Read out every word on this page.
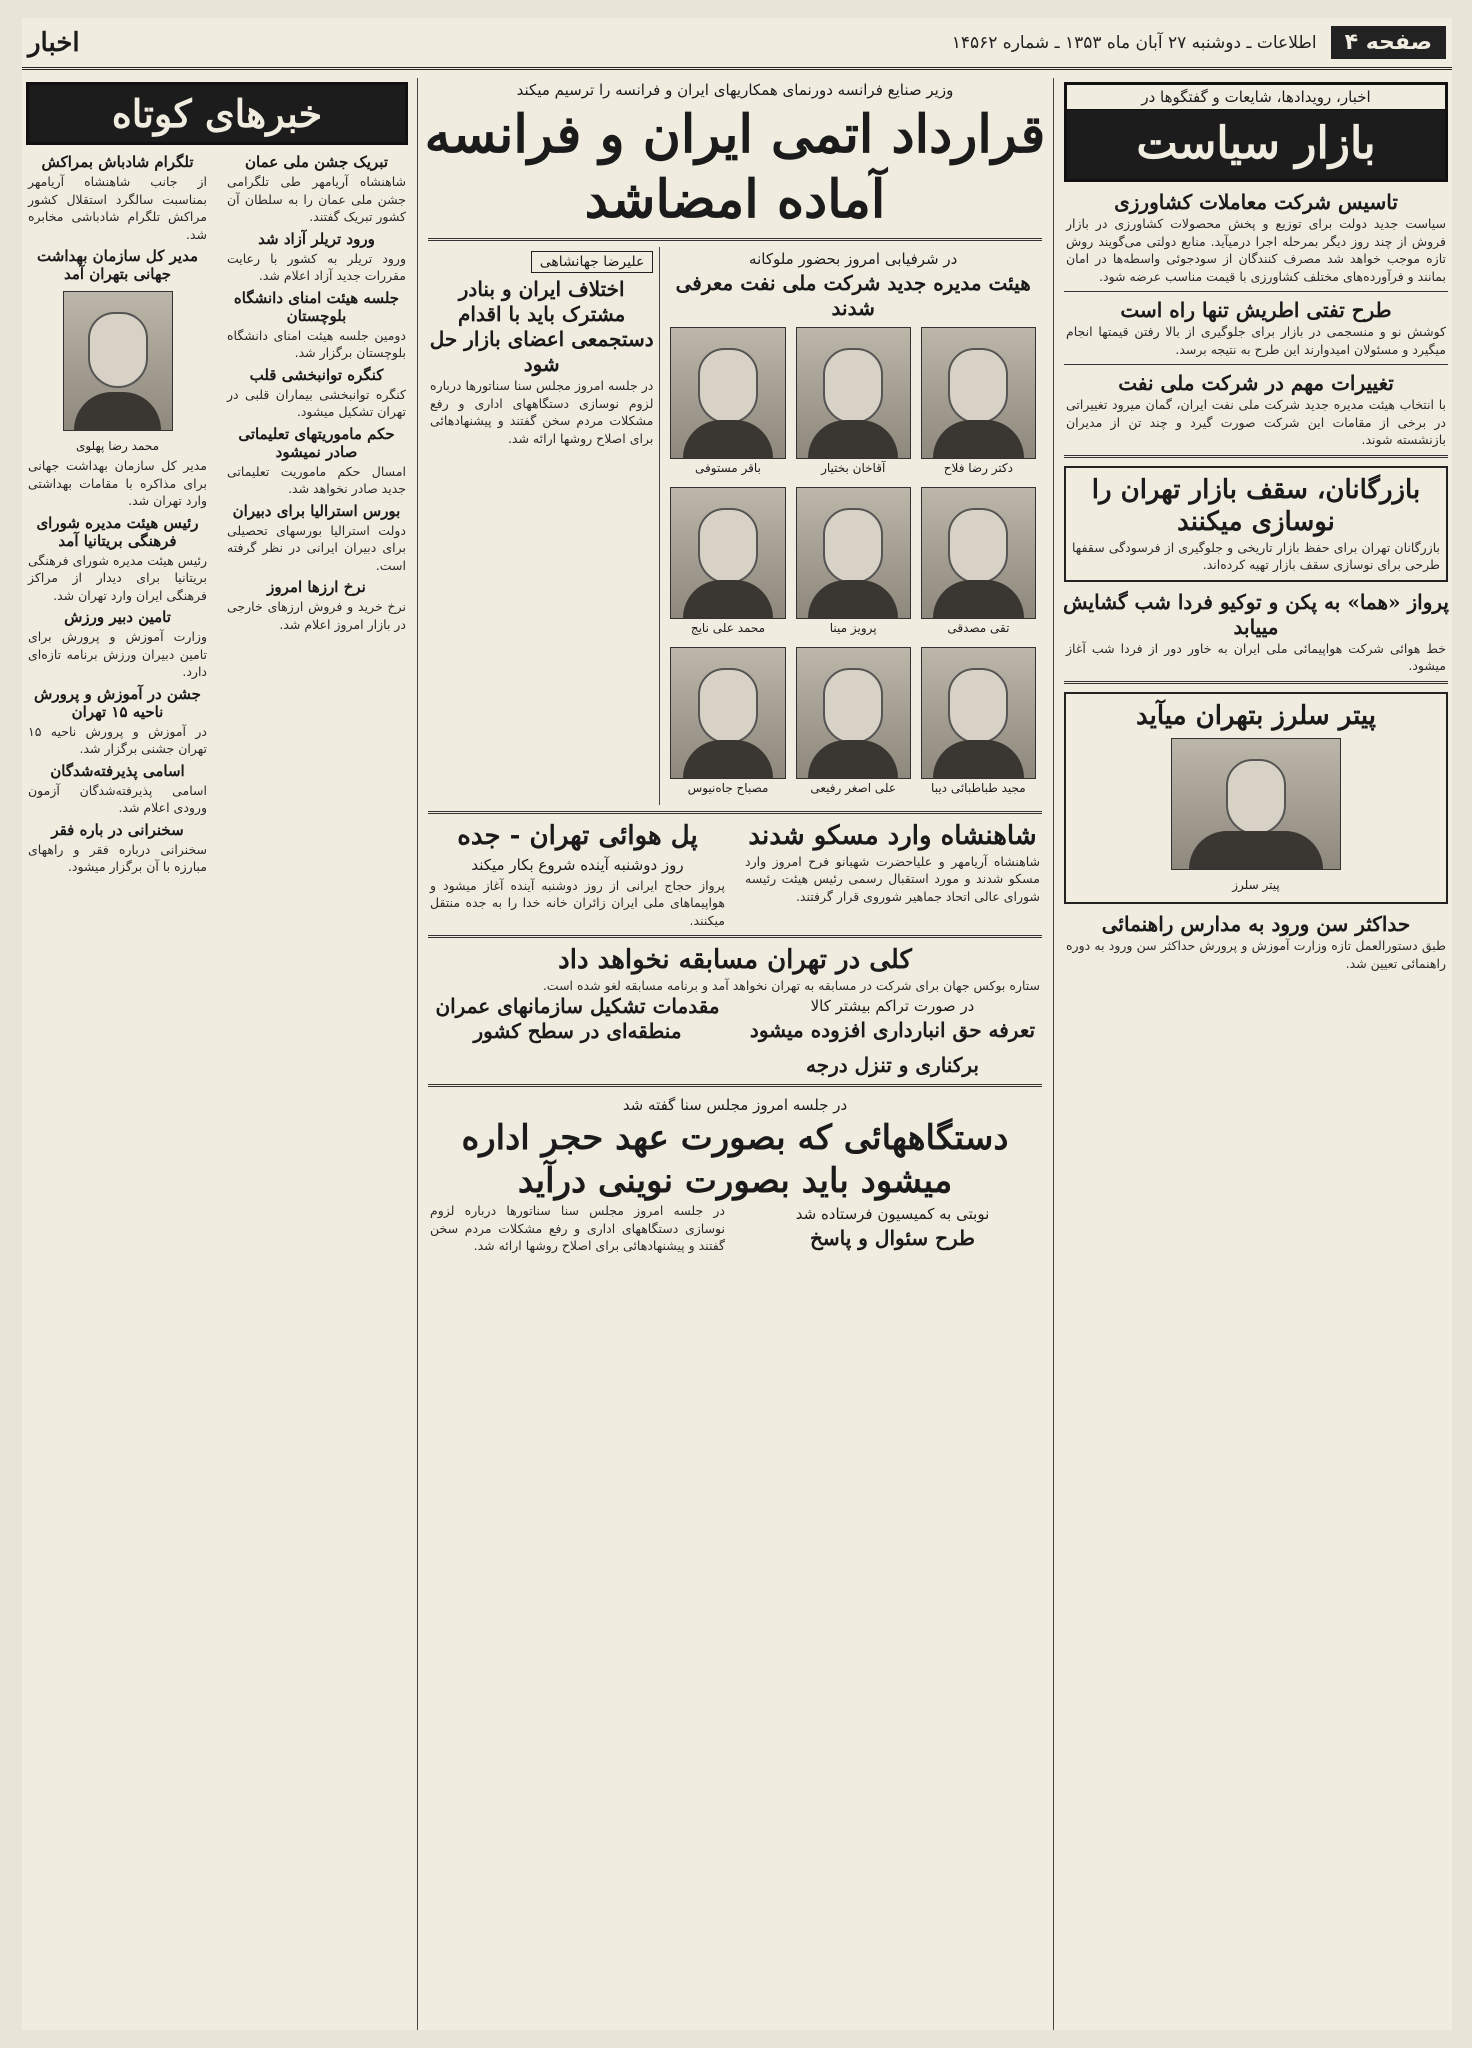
صفحه ۴
اطلاعات ـ دوشنبه ۲۷ آبان ماه ۱۳۵۳ ـ شماره ۱۴۵۶۲
اخبار
اخبار، رویدادها، شایعات و گفتگوها در
بازار سیاست
تاسیس شرکت معاملات کشاورزی
سیاست جدید دولت برای توزیع و پخش محصولات کشاورزی در بازار فروش از چند روز دیگر بمرحله اجرا درمیآید. منابع دولتی می‌گویند روش تازه موجب خواهد شد مصرف کنندگان از سودجوئی واسطه‌ها در امان بمانند و فرآورده‌های مختلف کشاورزی با قیمت مناسب عرضه شود.
طرح تفتی اطریش تنها راه است
کوشش نو و منسجمی در بازار برای جلوگیری از بالا رفتن قیمتها انجام میگیرد و مسئولان امیدوارند این طرح به نتیجه برسد.
تغییرات مهم در شرکت ملی نفت
با انتخاب هیئت مدیره جدید شرکت ملی نفت ایران، گمان میرود تغییراتی در برخی از مقامات این شرکت صورت گیرد و چند تن از مدیران بازنشسته شوند.
بازرگانان، سقف بازار تهران را نوسازی میکنند
بازرگانان تهران برای حفظ بازار تاریخی و جلوگیری از فرسودگی سقفها طرحی برای نوسازی سقف بازار تهیه کرده‌اند.
پرواز «هما» به پکن و توکیو فردا شب گشایش مییابد
خط هوائی شرکت هواپیمائی ملی ایران به خاور دور از فردا شب آغاز میشود.
پیتر سلرز بتهران میآید
پیتر سلرز
حداکثر سن ورود به مدارس راهنمائی
طبق دستورالعمل تازه وزارت آموزش و پرورش حداکثر سن ورود به دوره راهنمائی تعیین شد.
وزیر صنایع فرانسه دورنمای همکاریهای ایران و فرانسه را ترسیم میکند
قرارداد اتمی ایران و فرانسه آماده امضاشد
در شرفیابی امروز بحضور ملوکانه
هیئت مدیره جدید شرکت ملی نفت معرفی شدند
دکتر رضا فلاح
آقاخان بختیار
باقر مستوفی
تقی مصدقی
پرویز مینا
محمد علی نایج
مجید طباطبائی دیبا
علی اصغر رفیعی
مصباح جاه‌نیوس
علیرضا جهانشاهی
اختلاف ایران و بنادر مشترک باید با اقدام دستجمعی اعضای بازار حل شود
در جلسه امروز مجلس سنا سناتورها درباره لزوم نوسازی دستگاههای اداری و رفع مشکلات مردم سخن گفتند و پیشنهادهائی برای اصلاح روشها ارائه شد.
شاهنشاه وارد مسکو شدند
شاهنشاه آریامهر و علیاحضرت شهبانو فرح امروز وارد مسکو شدند و مورد استقبال رسمی رئیس هیئت رئیسه شورای عالی اتحاد جماهیر شوروی قرار گرفتند.
پل هوائی تهران - جده
روز دوشنبه آینده شروع بکار میکند
پرواز حجاج ایرانی از روز دوشنبه آینده آغاز میشود و هواپیماهای ملی ایران زائران خانه خدا را به جده منتقل میکنند.
کلی در تهران مسابقه نخواهد داد
ستاره بوکس جهان برای شرکت در مسابقه به تهران نخواهد آمد و برنامه مسابقه لغو شده است.
در صورت تراکم بیشتر کالا
تعرفه حق انبارداری افزوده میشود
برکناری و تنزل درجه
مقدمات تشکیل سازمانهای عمران منطقه‌ای در سطح کشور
در جلسه امروز مجلس سنا گفته شد
دستگاههائی که بصورت عهد حجر اداره میشود باید بصورت نوینی درآید
نوبتی به کمیسیون فرستاده شد
طرح سئوال و پاسخ
در جلسه امروز مجلس سنا سناتورها درباره لزوم نوسازی دستگاههای اداری و رفع مشکلات مردم سخن گفتند و پیشنهادهائی برای اصلاح روشها ارائه شد.
خبرهای کوتاه
تبریک جشن ملی عمان
شاهنشاه آریامهر طی تلگرامی جشن ملی عمان را به سلطان آن کشور تبریک گفتند.
ورود تریلر آزاد شد
ورود تریلر به کشور با رعایت مقررات جدید آزاد اعلام شد.
جلسه هیئت امنای دانشگاه بلوچستان
دومین جلسه هیئت امنای دانشگاه بلوچستان برگزار شد.
کنگره توانبخشی قلب
کنگره توانبخشی بیماران قلبی در تهران تشکیل میشود.
حکم ماموریتهای تعلیماتی صادر نمیشود
امسال حکم ماموریت تعلیماتی جدید صادر نخواهد شد.
بورس استرالیا برای دبیران
دولت استرالیا بورسهای تحصیلی برای دبیران ایرانی در نظر گرفته است.
نرخ ارزها امروز
نرخ خرید و فروش ارزهای خارجی در بازار امروز اعلام شد.
تلگرام شادباش بمراکش
از جانب شاهنشاه آریامهر بمناسبت سالگرد استقلال کشور مراکش تلگرام شادباشی مخابره شد.
مدیر کل سازمان بهداشت جهانی بتهران آمد
محمد رضا پهلوی
مدیر کل سازمان بهداشت جهانی برای مذاکره با مقامات بهداشتی وارد تهران شد.
رئیس هیئت مدیره شورای فرهنگی بریتانیا آمد
رئیس هیئت مدیره شورای فرهنگی بریتانیا برای دیدار از مراکز فرهنگی ایران وارد تهران شد.
تامین دبیر ورزش
وزارت آموزش و پرورش برای تامین دبیران ورزش برنامه تازه‌ای دارد.
جشن در آموزش و پرورش ناحیه ۱۵ تهران
در آموزش و پرورش ناحیه ۱۵ تهران جشنی برگزار شد.
اسامی پذیرفته‌شدگان
اسامی پذیرفته‌شدگان آزمون ورودی اعلام شد.
سخنرانی در باره فقر
سخنرانی درباره فقر و راههای مبارزه با آن برگزار میشود.
